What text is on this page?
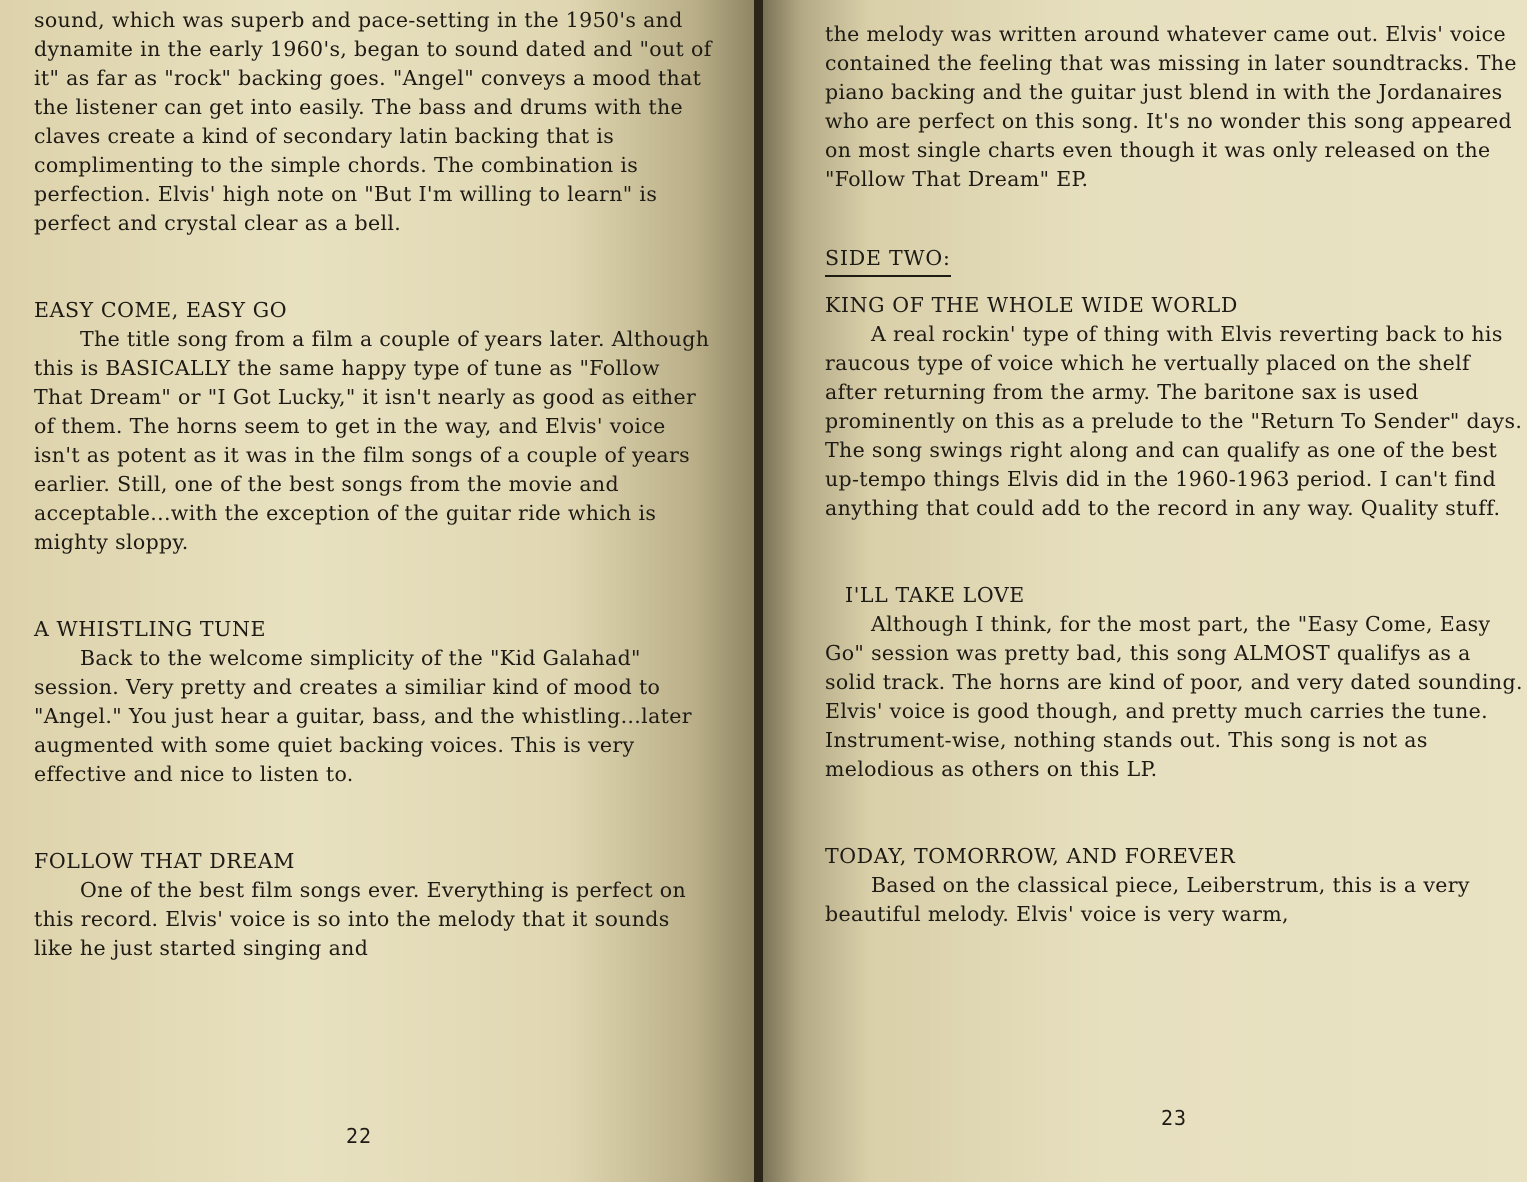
sound, which was superb and pace-setting in the 1950's and dynamite in the early 1960's, began to sound dated and "out of it" as far as "rock" backing goes. "Angel" conveys a mood that the listener can get into easily. The bass and drums with the claves create a kind of secondary latin backing that is complimenting to the simple chords. The combination is perfection. Elvis' high note on "But I'm willing to learn" is perfect and crystal clear as a bell.

EASY COME, EASY GO

The title song from a film a couple of years later. Although this is BASICALLY the same happy type of tune as "Follow That Dream" or "I Got Lucky," it isn't nearly as good as either of them. The horns seem to get in the way, and Elvis' voice isn't as potent as it was in the film songs of a couple of years earlier. Still, one of the best songs from the movie and acceptable...with the exception of the guitar ride which is mighty sloppy.

A WHISTLING TUNE

Back to the welcome simplicity of the "Kid Galahad" session. Very pretty and creates a similiar kind of mood to "Angel." You just hear a guitar, bass, and the whistling...later augmented with some quiet backing voices. This is very effective and nice to listen to.

FOLLOW THAT DREAM

One of the best film songs ever. Everything is perfect on this record. Elvis' voice is so into the melody that it sounds like he just started singing and

22

the melody was written around whatever came out. Elvis' voice contained the feeling that was missing in later soundtracks. The piano backing and the guitar just blend in with the Jordanaires who are perfect on this song. It's no wonder this song appeared on most single charts even though it was only released on the "Follow That Dream" EP.

SIDE TWO:

KING OF THE WHOLE WIDE WORLD

A real rockin' type of thing with Elvis reverting back to his raucous type of voice which he vertually placed on the shelf after returning from the army. The baritone sax is used prominently on this as a prelude to the "Return To Sender" days. The song swings right along and can qualify as one of the best up-tempo things Elvis did in the 1960-1963 period. I can't find anything that could add to the record in any way. Quality stuff.

I'LL TAKE LOVE

Although I think, for the most part, the "Easy Come, Easy Go" session was pretty bad, this song ALMOST qualifys as a solid track. The horns are kind of poor, and very dated sounding. Elvis' voice is good though, and pretty much carries the tune. Instrument-wise, nothing stands out. This song is not as melodious as others on this LP.

TODAY, TOMORROW, AND FOREVER

Based on the classical piece, Leiberstrum, this is a very beautiful melody. Elvis' voice is very warm,

23
